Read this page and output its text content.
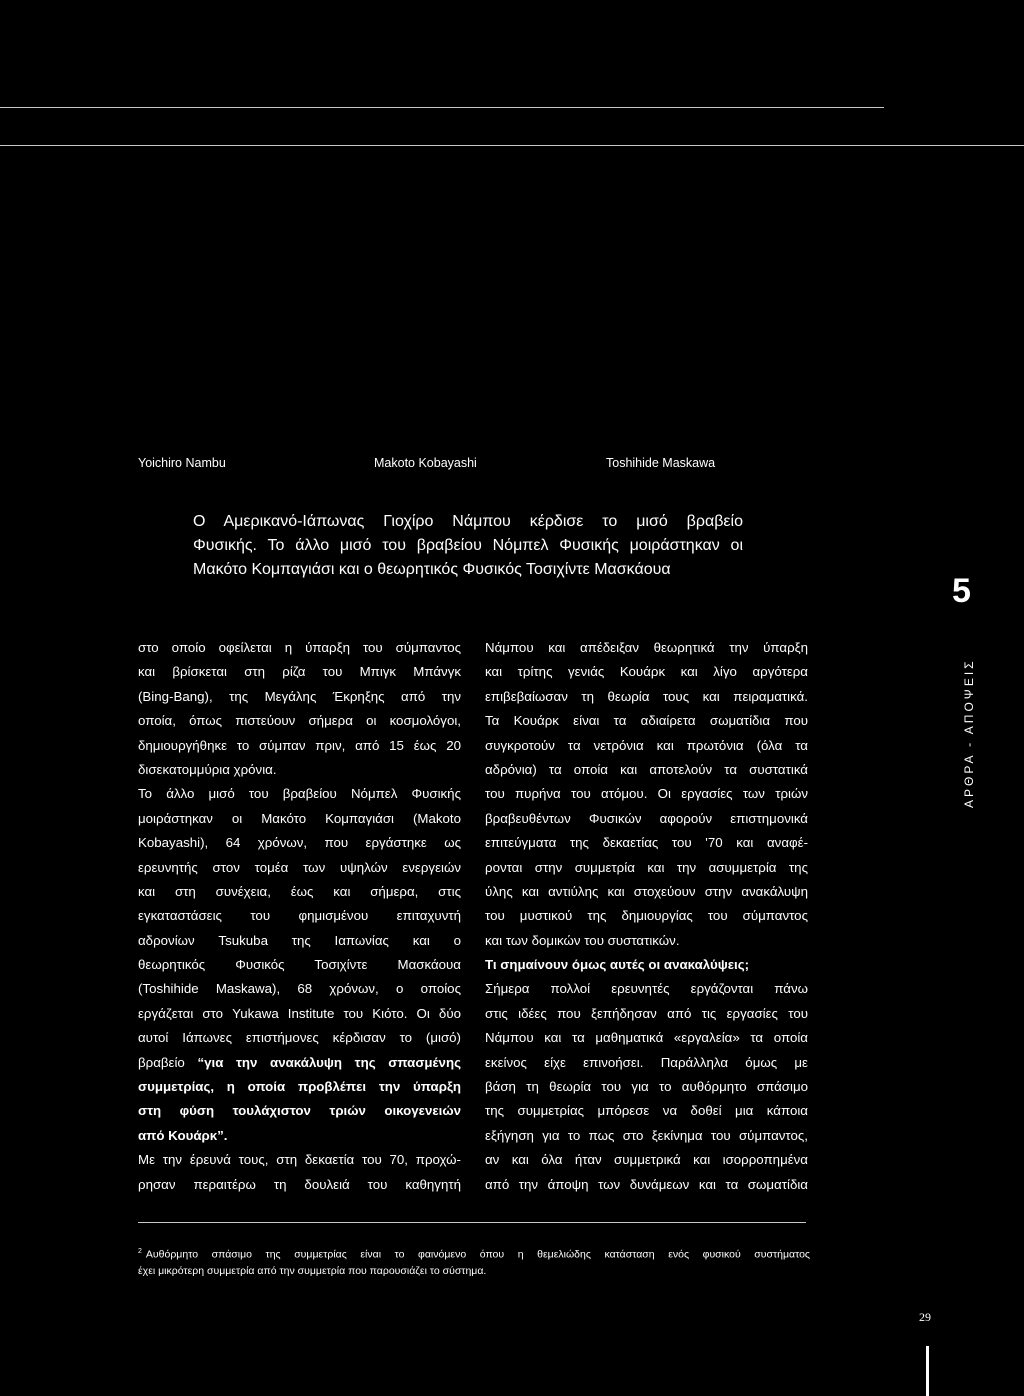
Yoichiro Nambu	Makoto Kobayashi	Toshihide Maskawa

Ο Αμερικανό-Ιάπωνας Γιοχίρο Νάμπου κέρδισε το μισό βραβείο

Φυσικής. Το άλλο μισό του βραβείου Νόμπελ Φυσικής μοιράστηκαν οι

Μακότο Κομπαγιάσι και ο θεωρητικός Φυσικός Τοσιχίντε Μασκάουα

5
ΑΡΘΡΑ - ΑΠΟΨΕΙΣ
στο οποίο οφείλεται η ύπαρξη του σύμπαντος
και βρίσκεται στη ρίζα του Μπιγκ Μπάνγκ
(Bing-Bang), της Μεγάλης Έκρηξης από την
οποία, όπως πιστεύουν σήμερα οι κοσμολόγοι,
δημιουργήθηκε το σύμπαν πριν, από 15 έως 20
δισεκατομμύρια χρόνια.
Το άλλο μισό του βραβείου Νόμπελ Φυσικής
μοιράστηκαν οι Μακότο Κομπαγιάσι (Makoto
Kobayashi), 64 χρόνων, που εργάστηκε ως
ερευνητής στον τομέα των υψηλών ενεργειών
και στη συνέχεια, έως και σήμερα, στις
εγκαταστάσεις του φημισμένου επιταχυντή
αδρονίων Tsukuba της Ιαπωνίας και ο
θεωρητικός Φυσικός Τοσιχίντε Μασκάουα
(Toshihide Maskawa), 68 χρόνων, ο οποίος
εργάζεται στο Yukawa Institute του Κιότο. Οι δύο
αυτοί Ιάπωνες επιστήμονες κέρδισαν το (μισό)
βραβείο “για την ανακάλυψη της σπασμένης
συμμετρίας, η οποία προβλέπει την ύπαρξη
στη φύση τουλάχιστον τριών οικογενειών
από Κουάρκ”.
Με την έρευνά τους, στη δεκαετία του 70, προχώ-
ρησαν περαιτέρω τη δουλειά του καθηγητή
Νάμπου και απέδειξαν θεωρητικά την ύπαρξη
και τρίτης γενιάς Κουάρκ και λίγο αργότερα
επιβεβαίωσαν τη θεωρία τους και πειραματικά.
Τα Κουάρκ είναι τα αδιαίρετα σωματίδια που
συγκροτούν τα νετρόνια και πρωτόνια (όλα τα
αδρόνια) τα οποία και αποτελούν τα συστατικά
του πυρήνα του ατόμου. Οι εργασίες των τριών
βραβευθέντων Φυσικών αφορούν επιστημονικά
επιτεύγματα της δεκαετίας του '70 και αναφέ-
ρονται στην συμμετρία και την ασυμμετρία της
ύλης και αντιύλης και στοχεύουν στην ανακάλυψη
του μυστικού της δημιουργίας του σύμπαντος
και των δομικών του συστατικών.
Τι σημαίνουν όμως αυτές οι ανακαλύψεις;
Σήμερα πολλοί ερευνητές εργάζονται πάνω
στις ιδέες που ξεπήδησαν από τις εργασίες του
Νάμπου και τα μαθηματικά «εργαλεία» τα οποία
εκείνος είχε επινοήσει. Παράλληλα όμως με
βάση τη θεωρία του για το αυθόρμητο σπάσιμο
της συμμετρίας μπόρεσε να δοθεί μια κάποια
εξήγηση για το πως στο ξεκίνημα του σύμπαντος,
αν και όλα ήταν συμμετρικά και ισορροπημένα
από την άποψη των δυνάμεων και τα σωματίδια
$^2$ Αυθόρμητο σπάσιμο της συμμετρίας είναι το φαινόμενο όπου η θεμελιώδης κατάσταση ενός φυσικού συστήματος
έχει μικρότερη συμμετρία από την συμμετρία που παρουσιάζει το σύστημα.
29
